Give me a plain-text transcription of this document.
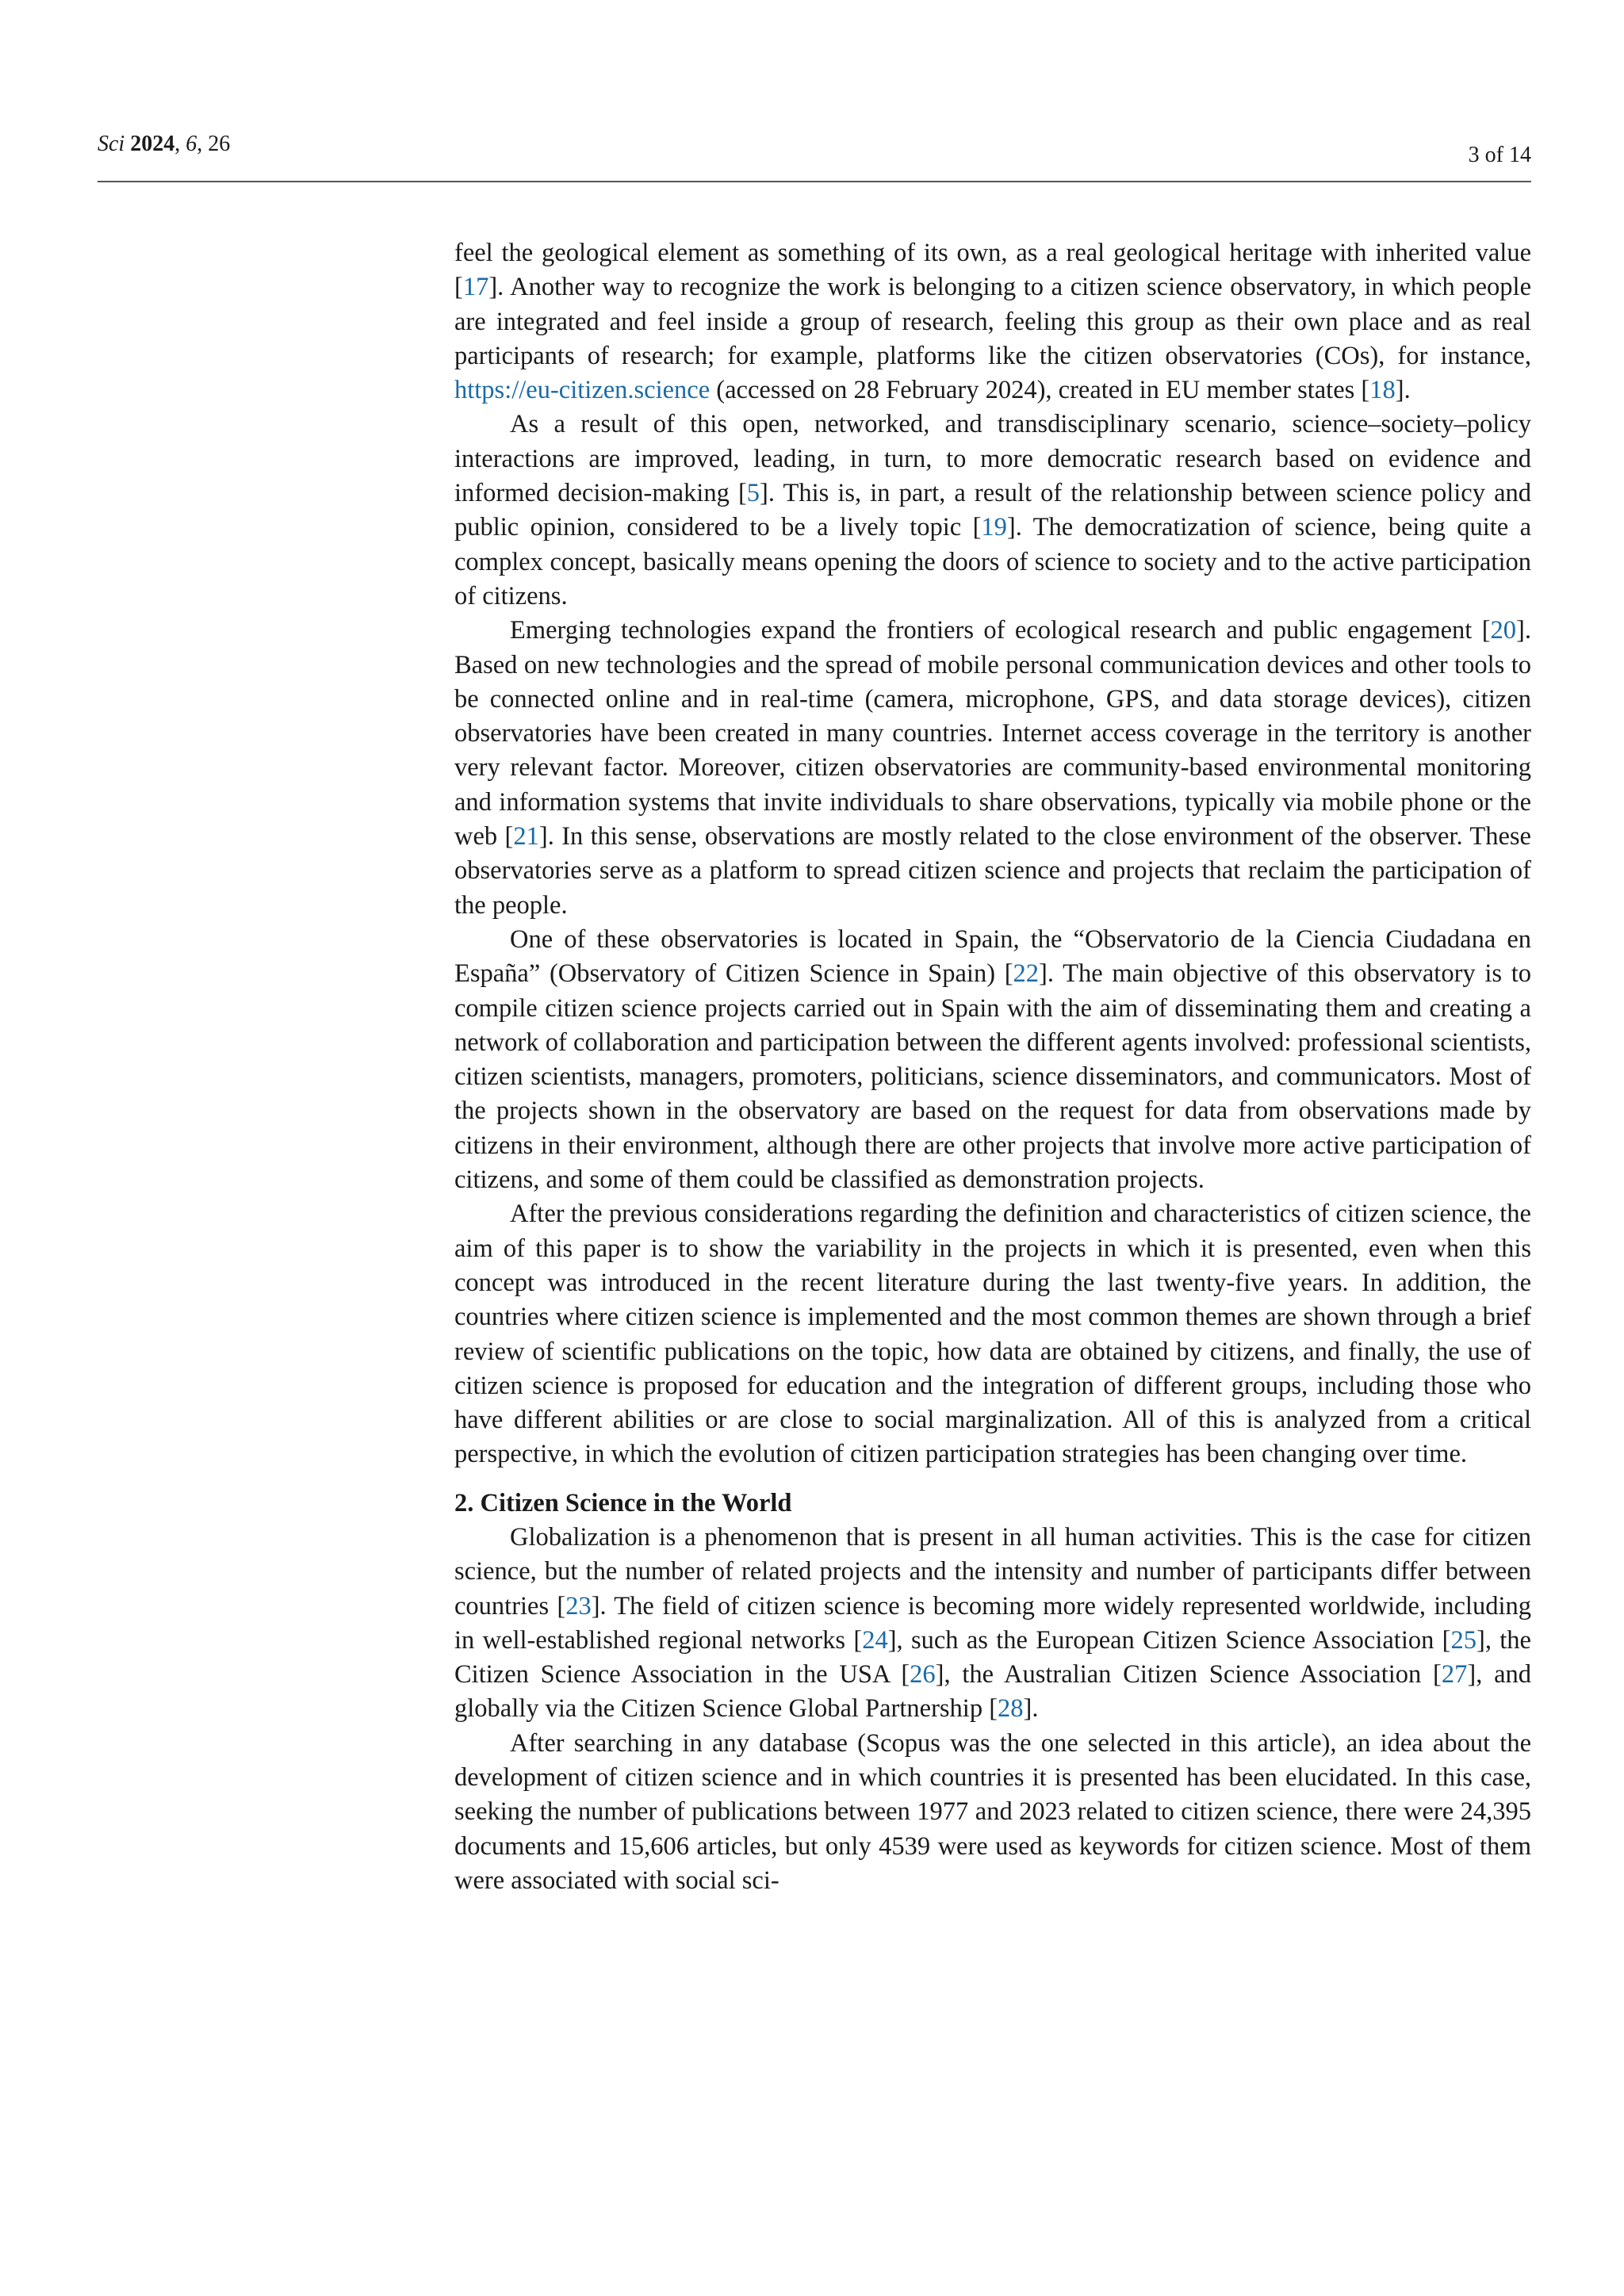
Sci 2024, 6, 26	3 of 14

feel the geological element as something of its own, as a real geological heritage with inherited value [17]. Another way to recognize the work is belonging to a citizen science observatory, in which people are integrated and feel inside a group of research, feeling this group as their own place and as real participants of research; for example, platforms like the citizen observatories (COs), for instance, https://eu-citizen.science (accessed on 28 February 2024), created in EU member states [18].

As a result of this open, networked, and transdisciplinary scenario, science–society–policy interactions are improved, leading, in turn, to more democratic research based on evidence and informed decision-making [5]. This is, in part, a result of the relationship between science policy and public opinion, considered to be a lively topic [19]. The democratization of science, being quite a complex concept, basically means opening the doors of science to society and to the active participation of citizens.

Emerging technologies expand the frontiers of ecological research and public engagement [20]. Based on new technologies and the spread of mobile personal communication devices and other tools to be connected online and in real-time (camera, microphone, GPS, and data storage devices), citizen observatories have been created in many countries. Internet access coverage in the territory is another very relevant factor. Moreover, citizen observatories are community-based environmental monitoring and information systems that invite individuals to share observations, typically via mobile phone or the web [21]. In this sense, observations are mostly related to the close environment of the observer. These observatories serve as a platform to spread citizen science and projects that reclaim the participation of the people.

One of these observatories is located in Spain, the “Observatorio de la Ciencia Ciudadana en España” (Observatory of Citizen Science in Spain) [22]. The main objective of this observatory is to compile citizen science projects carried out in Spain with the aim of disseminating them and creating a network of collaboration and participation between the different agents involved: professional scientists, citizen scientists, managers, promoters, politicians, science disseminators, and communicators. Most of the projects shown in the observatory are based on the request for data from observations made by citizens in their environment, although there are other projects that involve more active participation of citizens, and some of them could be classified as demonstration projects.

After the previous considerations regarding the definition and characteristics of citizen science, the aim of this paper is to show the variability in the projects in which it is presented, even when this concept was introduced in the recent literature during the last twenty-five years. In addition, the countries where citizen science is implemented and the most common themes are shown through a brief review of scientific publications on the topic, how data are obtained by citizens, and finally, the use of citizen science is proposed for education and the integration of different groups, including those who have different abilities or are close to social marginalization. All of this is analyzed from a critical perspective, in which the evolution of citizen participation strategies has been changing over time.

2. Citizen Science in the World

Globalization is a phenomenon that is present in all human activities. This is the case for citizen science, but the number of related projects and the intensity and number of participants differ between countries [23]. The field of citizen science is becoming more widely represented worldwide, including in well-established regional networks [24], such as the European Citizen Science Association [25], the Citizen Science Association in the USA [26], the Australian Citizen Science Association [27], and globally via the Citizen Science Global Partnership [28].

After searching in any database (Scopus was the one selected in this article), an idea about the development of citizen science and in which countries it is presented has been elucidated. In this case, seeking the number of publications between 1977 and 2023 related to citizen science, there were 24,395 documents and 15,606 articles, but only 4539 were used as keywords for citizen science. Most of them were associated with social sci-
